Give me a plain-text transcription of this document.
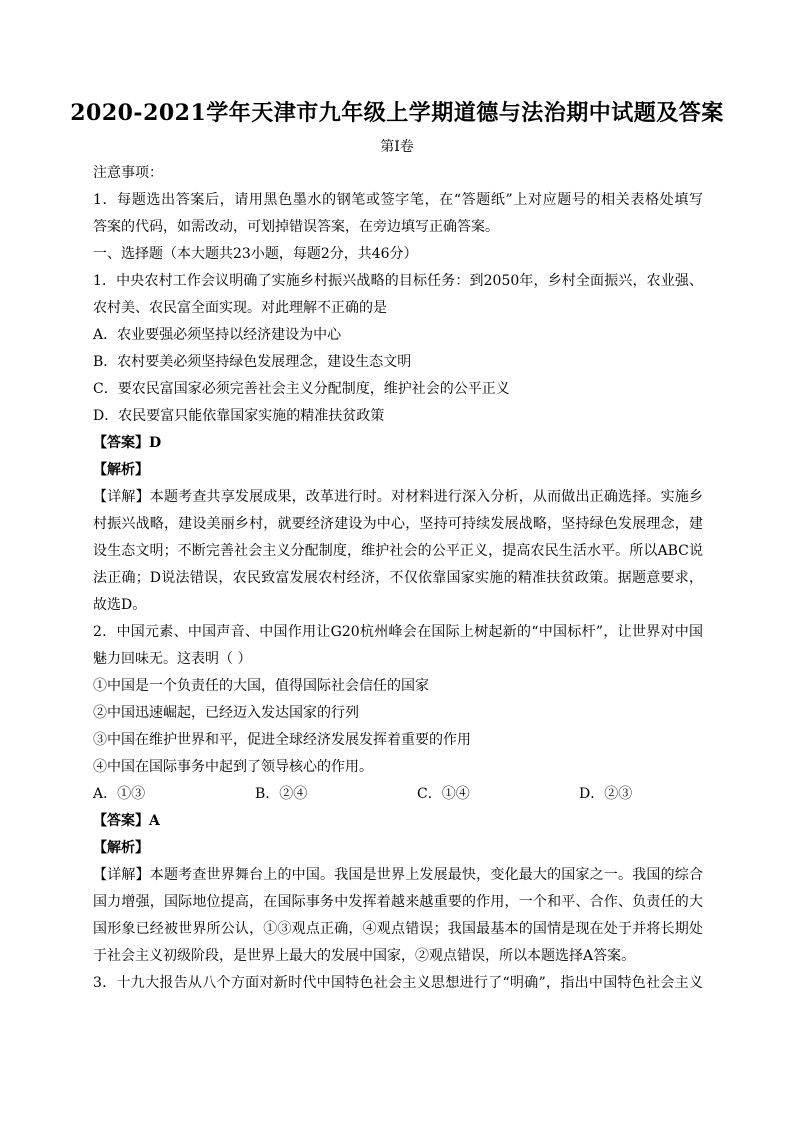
2020-2021学年天津市九年级上学期道德与法治期中试题及答案
第Ⅰ卷
注意事项：
1．每题选出答案后，请用黑色墨水的钢笔或签字笔，在“答题纸”上对应题号的相关表格处填写
答案的代码，如需改动，可划掉错误答案，在旁边填写正确答案。
一、选择题（本大题共23小题，每题2分，共46分）
1．中央农村工作会议明确了实施乡村振兴战略的目标任务：到2050年，乡村全面振兴，农业强、
农村美、农民富全面实现。对此理解不正确的是
A．农业要强必须坚持以经济建设为中心
B．农村要美必须坚持绿色发展理念，建设生态文明
C．要农民富国家必须完善社会主义分配制度，维护社会的公平正义
D．农民要富只能依靠国家实施的精准扶贫政策
【答案】D
【解析】
【详解】本题考查共享发展成果，改革进行时。对材料进行深入分析，从而做出正确选择。实施乡
村振兴战略，建设美丽乡村，就要经济建设为中心，坚持可持续发展战略，坚持绿色发展理念，建
设生态文明；不断完善社会主义分配制度，维护社会的公平正义，提高农民生活水平。所以ABC说
法正确；D说法错误，农民致富发展农村经济，不仅依靠国家实施的精准扶贫政策。据题意要求，
故选D。
2．中国元素、中国声音、中国作用让G20杭州峰会在国际上树起新的“中国标杆”，让世界对中国
魅力回味无。这表明（ ）
①中国是一个负责任的大国，值得国际社会信任的国家
②中国迅速崛起，已经迈入发达国家的行列
③中国在维护世界和平，促进全球经济发展发挥着重要的作用
④中国在国际事务中起到了领导核心的作用。
A．①③	B．②④	C．①④	D．②③
【答案】A
【解析】
【详解】本题考查世界舞台上的中国。我国是世界上发展最快，变化最大的国家之一。我国的综合
国力增强，国际地位提高，在国际事务中发挥着越来越重要的作用，一个和平、合作、负责任的大
国形象已经被世界所公认，①③观点正确，④观点错误；我国最基本的国情是现在处于并将长期处
于社会主义初级阶段，是世界上最大的发展中国家，②观点错误，所以本题选择A答案。
3．十九大报告从八个方面对新时代中国特色社会主义思想进行了“明确”，指出中国特色社会主义
